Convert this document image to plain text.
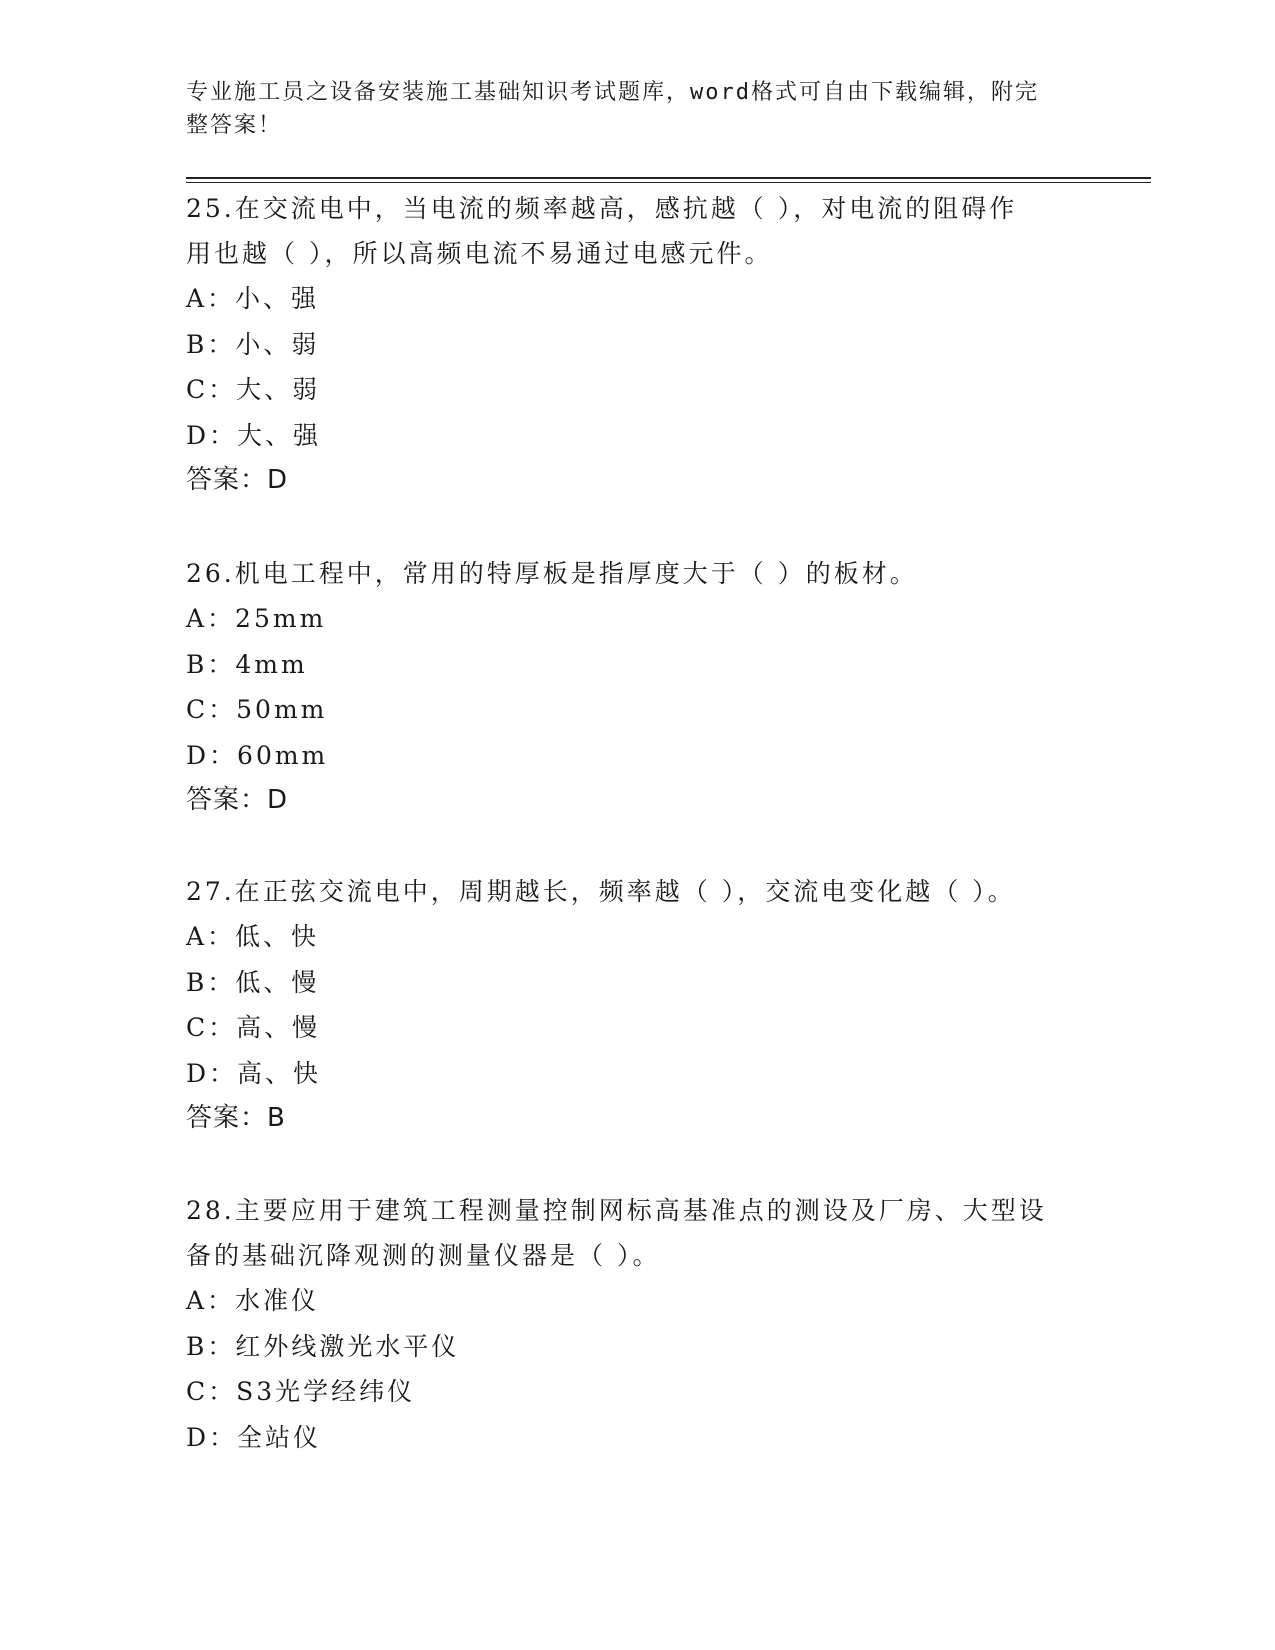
专业施工员之设备安装施工基础知识考试题库，word格式可自由下载编辑，附完
整答案！

25.在交流电中，当电流的频率越高，感抗越（ ），对电流的阻碍作

用也越（ ），所以高频电流不易通过电感元件。

A：小、强

B：小、弱

C：大、弱

D：大、强

答案：D

26.机电工程中，常用的特厚板是指厚度大于（ ）的板材。

A：25mm

B：4mm

C：50mm

D：60mm

答案：D

27.在正弦交流电中，周期越长，频率越（ ），交流电变化越（ ）。

A：低、快

B：低、慢

C：高、慢

D：高、快

答案：B

28.主要应用于建筑工程测量控制网标高基准点的测设及厂房、大型设

备的基础沉降观测的测量仪器是（ ）。

A：水准仪

B：红外线激光水平仪

C：S3光学经纬仪

D：全站仪
